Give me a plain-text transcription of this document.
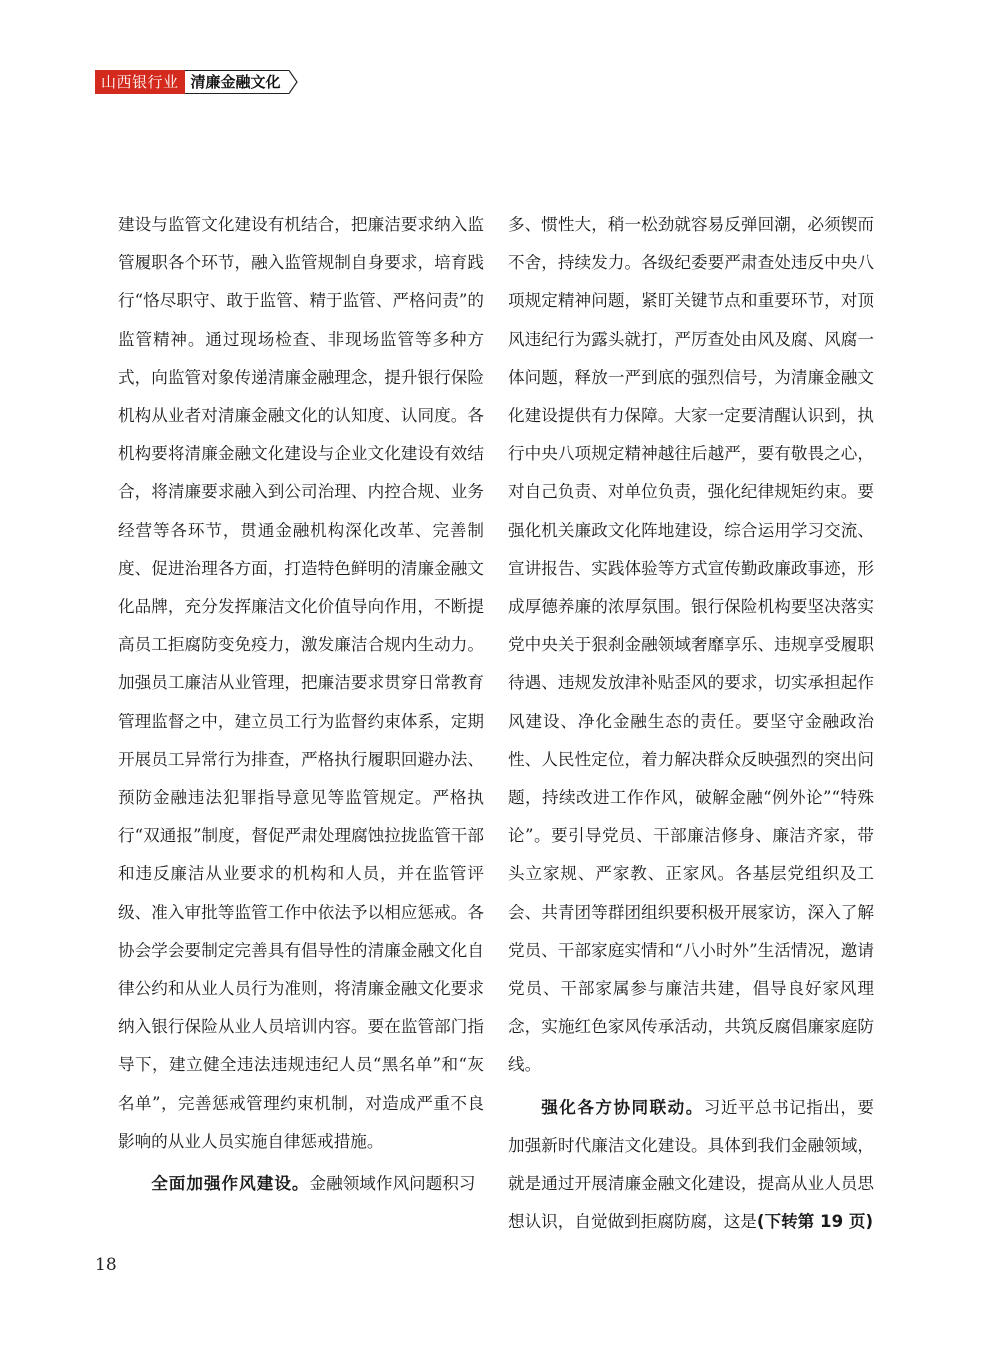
山西银行业 清廉金融文化

建设与监管文化建设有机结合，把廉洁要求纳入监管履职各个环节，融入监管规制自身要求，培育践行“恪尽职守、敢于监管、精于监管、严格问责”的监管精神。通过现场检查、非现场监管等多种方式，向监管对象传递清廉金融理念，提升银行保险机构从业者对清廉金融文化的认知度、认同度。各机构要将清廉金融文化建设与企业文化建设有效结合，将清廉要求融入到公司治理、内控合规、业务经营等各环节，贯通金融机构深化改革、完善制度、促进治理各方面，打造特色鲜明的清廉金融文化品牌，充分发挥廉洁文化价值导向作用，不断提高员工拒腐防变免疫力，激发廉洁合规内生动力。加强员工廉洁从业管理，把廉洁要求贯穿日常教育管理监督之中，建立员工行为监督约束体系，定期开展员工异常行为排查，严格执行履职回避办法、预防金融违法犯罪指导意见等监管规定。严格执行“双通报”制度，督促严肃处理腐蚀拉拢监管干部和违反廉洁从业要求的机构和人员，并在监管评级、准入审批等监管工作中依法予以相应惩戒。各协会学会要制定完善具有倡导性的清廉金融文化自律公约和从业人员行为准则，将清廉金融文化要求纳入银行保险从业人员培训内容。要在监管部门指导下，建立健全违法违规违纪人员“黑名单”和“灰名单”，完善惩戒管理约束机制，对造成严重不良影响的从业人员实施自律惩戒措施。

全面加强作风建设。金融领域作风问题积习

多、惯性大，稍一松劲就容易反弹回潮，必须锲而不舍，持续发力。各级纪委要严肃查处违反中央八项规定精神问题，紧盯关键节点和重要环节，对顶风违纪行为露头就打，严厉查处由风及腐、风腐一体问题，释放一严到底的强烈信号，为清廉金融文化建设提供有力保障。大家一定要清醒认识到，执行中央八项规定精神越往后越严，要有敬畏之心，对自己负责、对单位负责，强化纪律规矩约束。要强化机关廉政文化阵地建设，综合运用学习交流、宣讲报告、实践体验等方式宣传勤政廉政事迹，形成厚德养廉的浓厚氛围。银行保险机构要坚决落实党中央关于狠刹金融领域奢靡享乐、违规享受履职待遇、违规发放津补贴歪风的要求，切实承担起作风建设、净化金融生态的责任。要坚守金融政治性、人民性定位，着力解决群众反映强烈的突出问题，持续改进工作作风，破解金融“例外论”“特殊论”。要引导党员、干部廉洁修身、廉洁齐家，带头立家规、严家教、正家风。各基层党组织及工会、共青团等群团组织要积极开展家访，深入了解党员、干部家庭实情和“八小时外”生活情况，邀请党员、干部家属参与廉洁共建，倡导良好家风理念，实施红色家风传承活动，共筑反腐倡廉家庭防线。

强化各方协同联动。习近平总书记指出，要加强新时代廉洁文化建设。具体到我们金融领域，就是通过开展清廉金融文化建设，提高从业人员思想认识，自觉做到拒腐防腐，这是(下转第 19 页)

18
